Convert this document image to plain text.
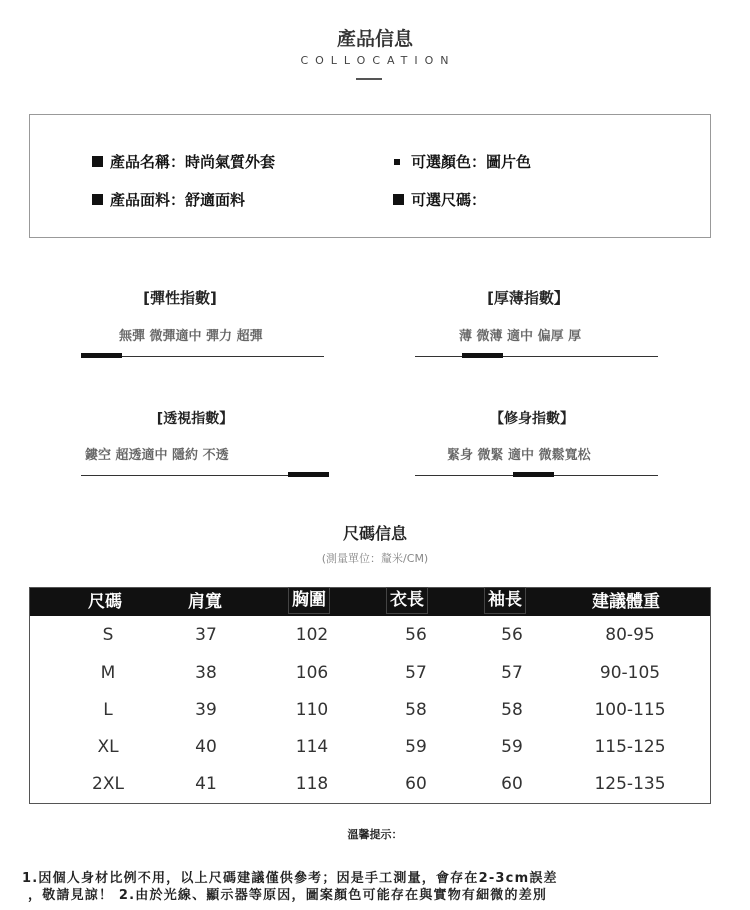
產品信息
COLLOCATION
產品名稱：時尚氣質外套	可選顏色：圖片色
產品面料：舒適面料	可選尺碼：
[彈性指數]
無彈 微彈適中 彈力 超彈
[厚薄指數】
薄 微薄 適中 偏厚 厚
[透視指數】
鏤空 超透適中 隱約 不透
【修身指數】
緊身 微緊 適中 微鬆寬松
尺碼信息
(測量單位：釐米/CM)
尺碼	肩寬	胸圍	衣長	袖長	建議體重
S	37	102	56	56	80-95
M	38	106	57	57	90-105
L	39	110	58	58	100-115
XL	40	114	59	59	115-125
2XL	41	118	60	60	125-135
溫馨提示：
1.因個人身材比例不用，以上尺碼建議僅供參考；因是手工測量，會存在2-3cm誤差
，敬請見諒！ 2.由於光線、顯示器等原因，圖案顏色可能存在與實物有細微的差別
